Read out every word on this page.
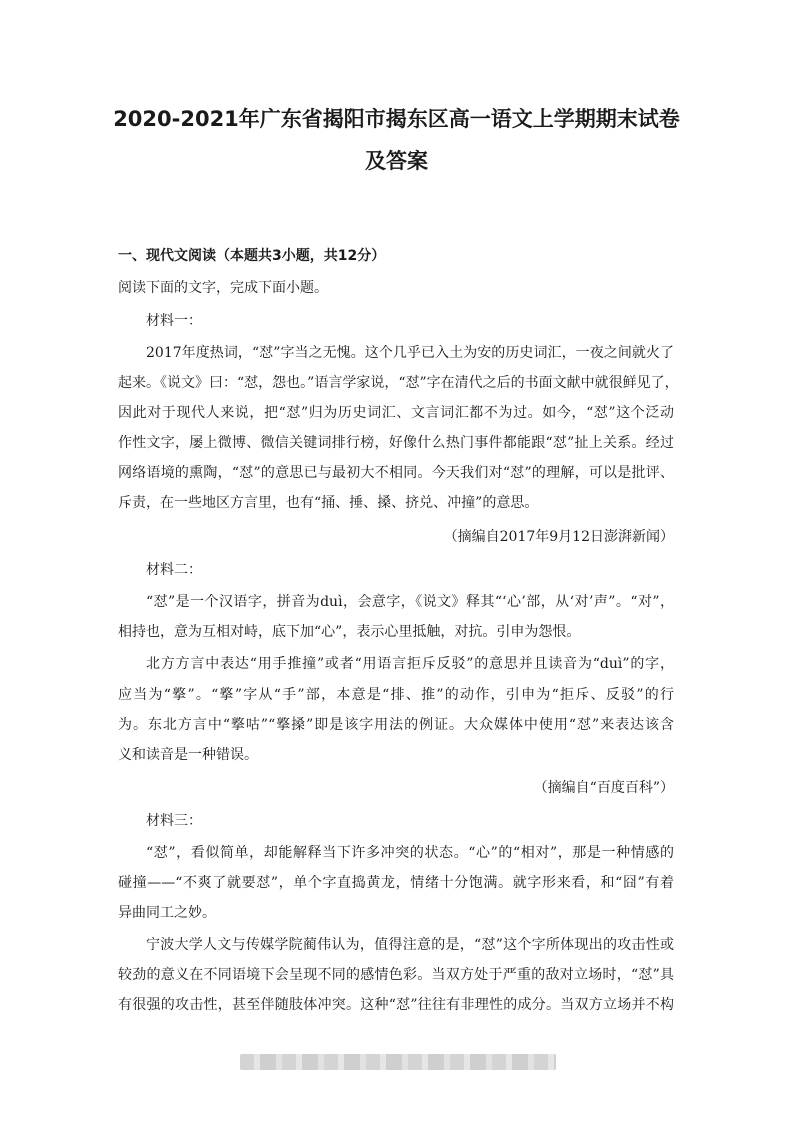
2020-2021年广东省揭阳市揭东区高一语文上学期期末试卷
及答案
一、现代文阅读（本题共3小题，共12分）

阅读下面的文字，完成下面小题。

材料一：

2017年度热词，“怼”字当之无愧。这个几乎已入土为安的历史词汇，一夜之间就火了

起来。《说文》曰：“怼，怨也。”语言学家说，“怼”字在清代之后的书面文献中就很鲜见了，

因此对于现代人来说，把“怼”归为历史词汇、文言词汇都不为过。如今，“怼”这个泛动

作性文字，屡上微博、微信关键词排行榜，好像什么热门事件都能跟“怼”扯上关系。经过

网络语境的熏陶，“怼”的意思已与最初大不相同。今天我们对“怼”的理解，可以是批评、

斥责，在一些地区方言里，也有“捅、捶、搡、挤兑、冲撞”的意思。

（摘编自2017年9月12日澎湃新闻）

材料二：

“怼”是一个汉语字，拼音为duì，会意字，《说文》释其“‘心’部，从‘对’声”。“对”，

相持也，意为互相对峙，底下加“心”，表示心里抵触，对抗。引申为怨恨。

北方方言中表达“用手推撞”或者“用语言拒斥反驳”的意思并且读音为“duì”的字，

应当为“撉”。“撉”字从“手”部，本意是“排、推”的动作，引申为“拒斥、反驳”的行

为。东北方言中“撉咕”“撉搡”即是该字用法的例证。大众媒体中使用“怼”来表达该含

义和读音是一种错误。

（摘编自“百度百科”）

材料三：

“怼”，看似简单，却能解释当下许多冲突的状态。“心”的“相对”，那是一种情感的

碰撞——“不爽了就要怼”，单个字直捣黄龙，情绪十分饱满。就字形来看，和“囧”有着

异曲同工之妙。

宁波大学人文与传媒学院蔺伟认为，值得注意的是，“怼”这个字所体现出的攻击性或

较劲的意义在不同语境下会呈现不同的感情色彩。当双方处于严重的敌对立场时，“怼”具

有很强的攻击性，甚至伴随肢体冲突。这种“怼”往往有非理性的成分。当双方立场并不构
